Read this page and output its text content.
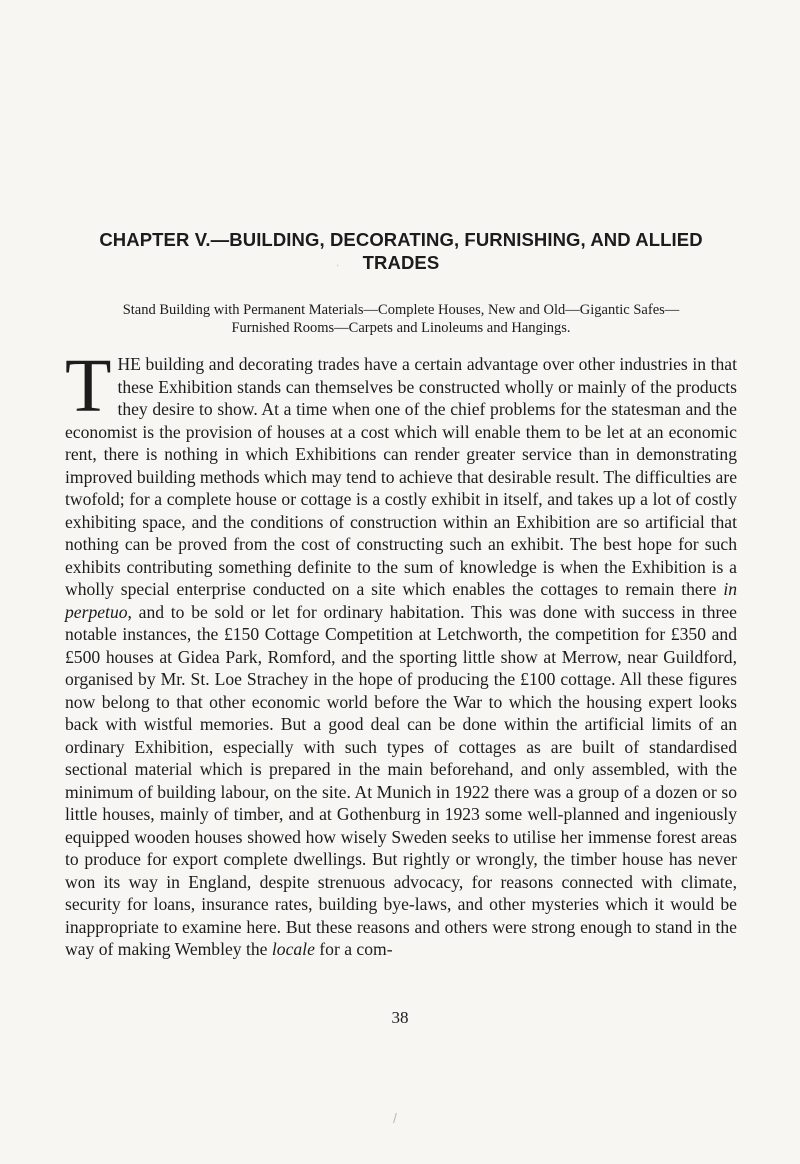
'
/
CHAPTER V.—BUILDING, DECORATING, FURNISHING, AND ALLIED
TRADES

Stand Building with Permanent Materials—Complete Houses, New and Old—Gigantic Safes—
Furnished Rooms—Carpets and Linoleums and Hangings.

THE building and decorating trades have a certain advantage over other industries in that these Exhibition stands can themselves be constructed wholly or mainly of the products they desire to show. At a time when one of the chief problems for the statesman and the economist is the provision of houses at a cost which will enable them to be let at an economic rent, there is nothing in which Exhibitions can render greater service than in demonstrating improved building methods which may tend to achieve that desirable result. The difficulties are twofold; for a complete house or cottage is a costly exhibit in itself, and takes up a lot of costly exhibiting space, and the conditions of construction within an Exhibition are so artificial that nothing can be proved from the cost of constructing such an exhibit. The best hope for such exhibits contributing something definite to the sum of knowledge is when the Exhibition is a wholly special enterprise conducted on a site which enables the cottages to remain there in perpetuo, and to be sold or let for ordinary habitation. This was done with success in three notable instances, the £150 Cottage Competition at Letchworth, the competition for £350 and £500 houses at Gidea Park, Romford, and the sporting little show at Merrow, near Guildford, organised by Mr. St. Loe Strachey in the hope of producing the £100 cottage. All these figures now belong to that other economic world before the War to which the housing expert looks back with wistful memories. But a good deal can be done within the artificial limits of an ordinary Exhibition, especially with such types of cottages as are built of standardised sectional material which is prepared in the main beforehand, and only assembled, with the minimum of building labour, on the site. At Munich in 1922 there was a group of a dozen or so little houses, mainly of timber, and at Gothenburg in 1923 some well-planned and ingeniously equipped wooden houses showed how wisely Sweden seeks to utilise her immense forest areas to produce for export complete dwellings. But rightly or wrongly, the timber house has never won its way in England, despite strenuous advocacy, for reasons connected with climate, security for loans, insurance rates, building bye-laws, and other mysteries which it would be inappropriate to examine here. But these reasons and others were strong enough to stand in the way of making Wembley the locale for a com-

38
